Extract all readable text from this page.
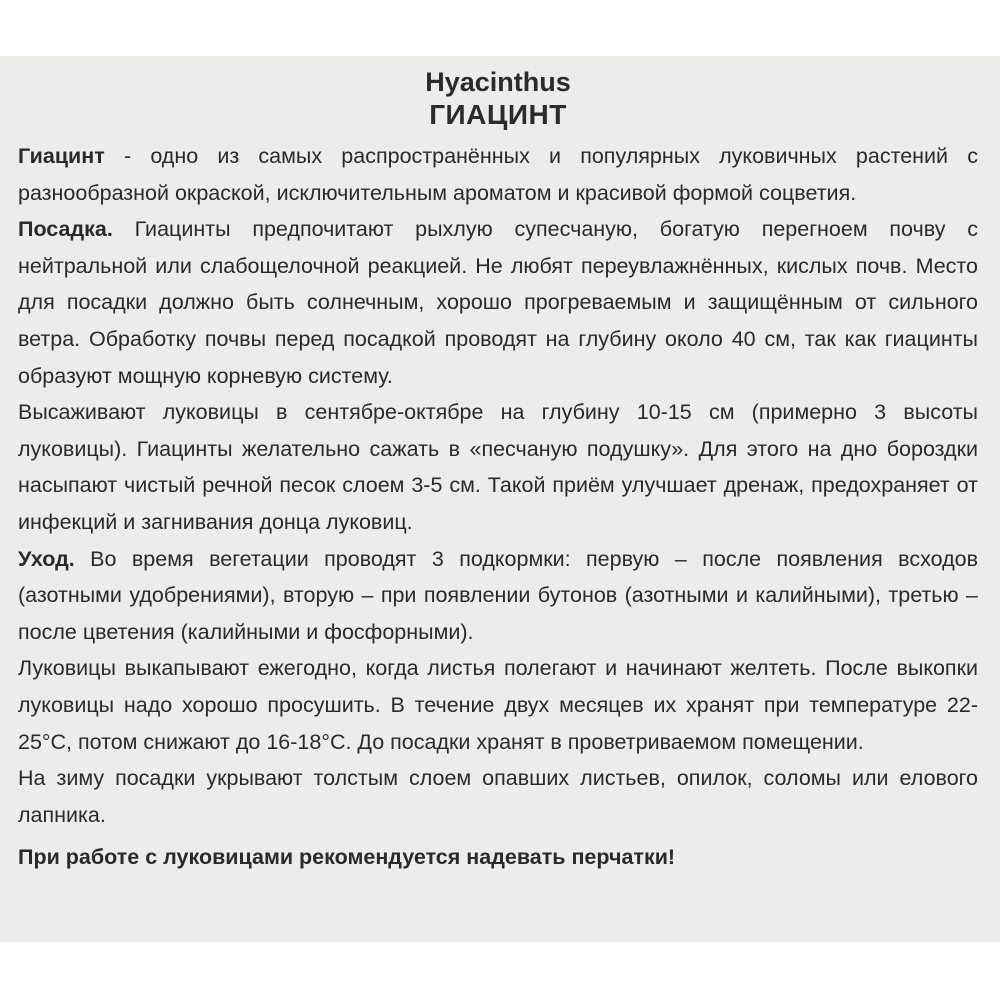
Hyacinthus
ГИАЦИНТ

Гиацинт - одно из самых распространённых и популярных луковичных растений с разнообразной окраской, исключительным ароматом и красивой формой соцветия.

Посадка. Гиацинты предпочитают рыхлую супесчаную, богатую перегноем почву с нейтральной или слабощелочной реакцией. Не любят переувлажнённых, кислых почв. Место для посадки должно быть солнечным, хорошо прогреваемым и защищённым от сильного ветра. Обработку почвы перед посадкой проводят на глубину около 40 см, так как гиацинты образуют мощную корневую систему.

Высаживают луковицы в сентябре-октябре на глубину 10-15 см (примерно 3 высоты луковицы). Гиацинты желательно сажать в «песчаную подушку». Для этого на дно бороздки насыпают чистый речной песок слоем 3-5 см. Такой приём улучшает дренаж, предохраняет от инфекций и загнивания донца луковиц.

Уход. Во время вегетации проводят 3 подкормки: первую – после появления всходов (азотными удобрениями), вторую – при появлении бутонов (азотными и калийными), третью – после цветения (калийными и фосфорными).

Луковицы выкапывают ежегодно, когда листья полегают и начинают желтеть. После выкопки луковицы надо хорошо просушить. В течение двух месяцев их хранят при температуре 22-25°С, потом снижают до 16-18°С. До посадки хранят в проветриваемом помещении.

На зиму посадки укрывают толстым слоем опавших листьев, опилок, соломы или елового лапника.

При работе с луковицами рекомендуется надевать перчатки!
